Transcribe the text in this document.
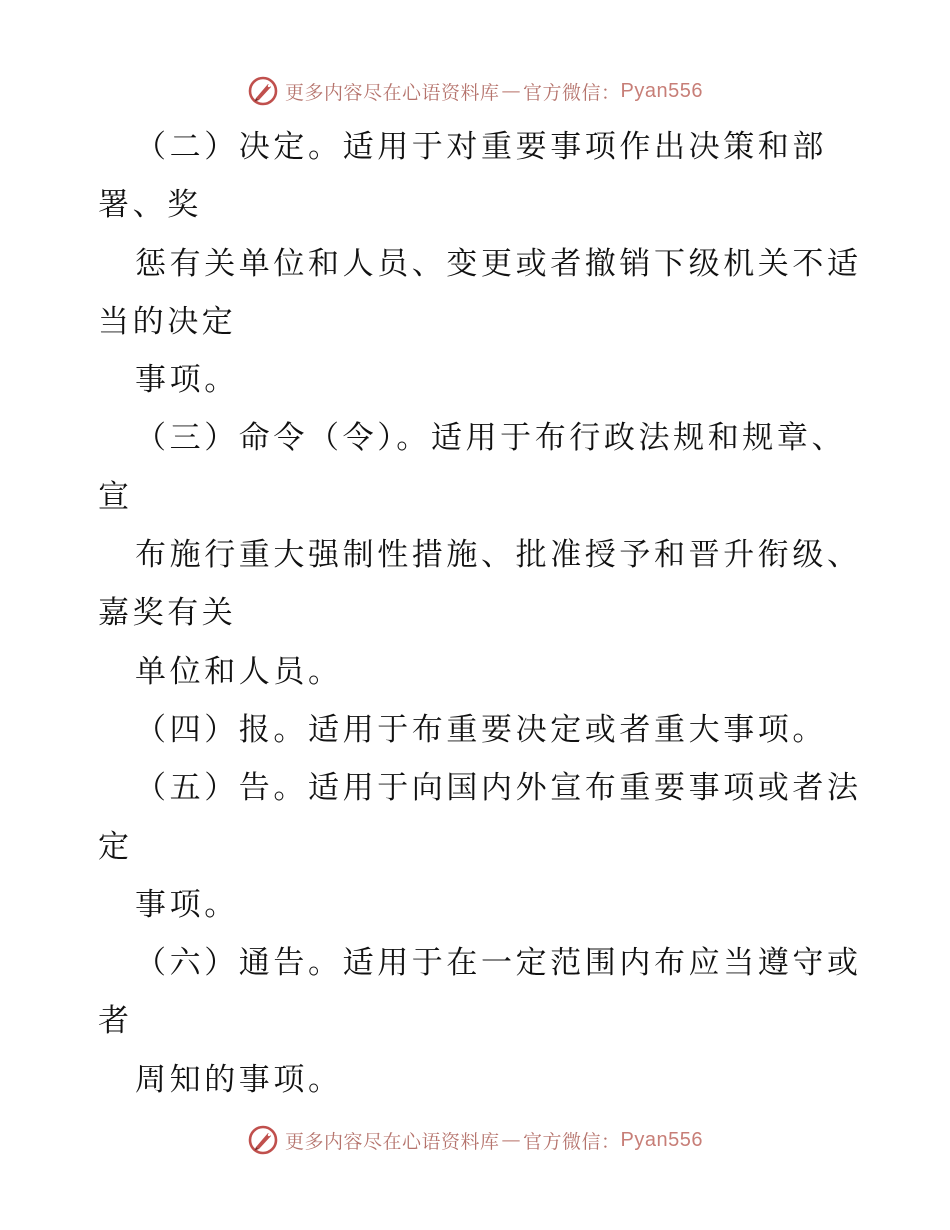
更多内容尽在心语资料库 — 官方微信： Pyan556
（二）决定。适用于对重要事项作出决策和部
署、奖
惩有关单位和人员、变更或者撤销下级机关不适
当的决定
事项。
（三）命令（令）。适用于布行政法规和规章、
宣
布施行重大强制性措施、批准授予和晋升衔级、
嘉奖有关
单位和人员。
（四）报。适用于布重要决定或者重大事项。
（五）告。适用于向国内外宣布重要事项或者法
定
事项。
（六）通告。适用于在一定范围内布应当遵守或
者
周知的事项。
更多内容尽在心语资料库 — 官方微信： Pyan556
